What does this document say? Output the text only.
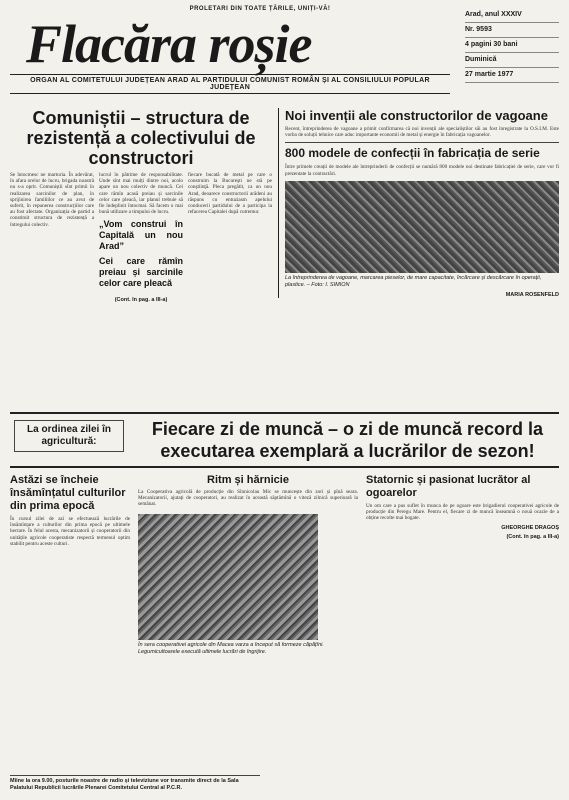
PROLETARI DIN TOATE ȚĂRILE, UNIȚI-VĂ!
Flacăra roșie
ORGAN AL COMITETULUI JUDEȚEAN ARAD AL PARTIDULUI COMUNIST ROMÂN ȘI AL CONSILIULUI POPULAR JUDEȚEAN
Arad, anul XXXIV
Nr. 9593
4 pagini 30 bani
Duminică
27 martie 1977
Comuniștii – structura de rezistență a colectivului de constructori
Se întocmesc ne marturia. În adevărat, în afara orelor de lucru, brigada noastră nu s-a oprit. Comuniștii sînt primii în realizarea sarcinilor de plan, în sprijinirea familiilor ce au avut de suferit, în repunerea construcțiilor care au fost afectate. Organizația de partid a constituit structura de rezistență a întregului colectiv.
lucrul în pătrime de responsabilitate. Unde sînt mai mulți dintre noi, acolo apare un nou colectiv de muncă. Cei care rămîn acasă preiau și sarcinile celor care pleacă, iar planul trebuie să fie îndeplinit întocmai. Să facem o mai bună utilizare a timpului de lucru.
„Vom construi în Capitală un nou Arad”
Cei care rămîn preiau și sarcinile celor care pleacă
fiecare bucată de metal pe care o construim la Bucureşti ne stă pe conştiinţă. Pleca pregătit, ca un nou Arad, deoarece constructorii arădeni au răspuns cu entuziasm apelului conducerii partidului de a participa la refacerea Capitalei după cutremur.
(Cont. în pag. a III-a)
Noi invenții ale constructorilor de vagoane
Recent, întreprinderea de vagoane a primit confirmarea că noi invenții ale specialiștilor săi au fost înregistrate la O.S.I.M. Este vorba de soluții tehnice care aduc importante economii de metal și energie în fabricația vagoanelor.
800 modele de confecții în fabricația de serie
Între primele creații de modele ale întreprinderii de confecții se numără 800 modele noi destinate fabricației de serie, care vor fi prezentate la contractări.
La întreprinderea de vagoane, marcarea pieselor, de mare capacitate, încărcare și descărcare în operații, plastice. – Foto: I. SIMION
MARIA ROSENFELD
La ordinea zilei în agricultură:
Fiecare zi de muncă – o zi de muncă record la executarea exemplară a lucrărilor de sezon!
Astăzi se încheie însămînțatul culturilor din prima epocă
În cursul zilei de azi se efectuează lucrările de însămînțare a culturilor din prima epocă pe ultimele hectare. În felul acesta, mecanizatorii și cooperatorii din unitățile agricole cooperatiste respectă termenul optim stabilit pentru aceste culturi.
Ritm și hărnicie
La Cooperativa agricolă de producție din Sînnicolau Mic se muncește din zori și pînă seara. Mecanizatorii, ajutați de cooperatori, au realizat în această săptămînă o viteză zilnică superioară la semănat.
În sera cooperativei agricole din Macea varza a început să formeze căpățîni. Legumicultoarele execută ultimele lucrări de îngrijire.
Statornic și pasionat lucrător al ogoarelor
Un om care a pus suflet în munca de pe ogoare este brigadierul cooperativei agricole de producție din Peregu Mare. Pentru el, fiecare zi de muncă înseamnă o nouă ocazie de a obține recolte mai bogate.
GHEORGHE DRAGOȘ
(Cont. în pag. a III-a)
Mîine la ora 9.00, posturile noastre de radio și televiziune vor transmite direct de la Sala Palatului Republicii lucrările Plenarei Comitetului Central al P.C.R.
